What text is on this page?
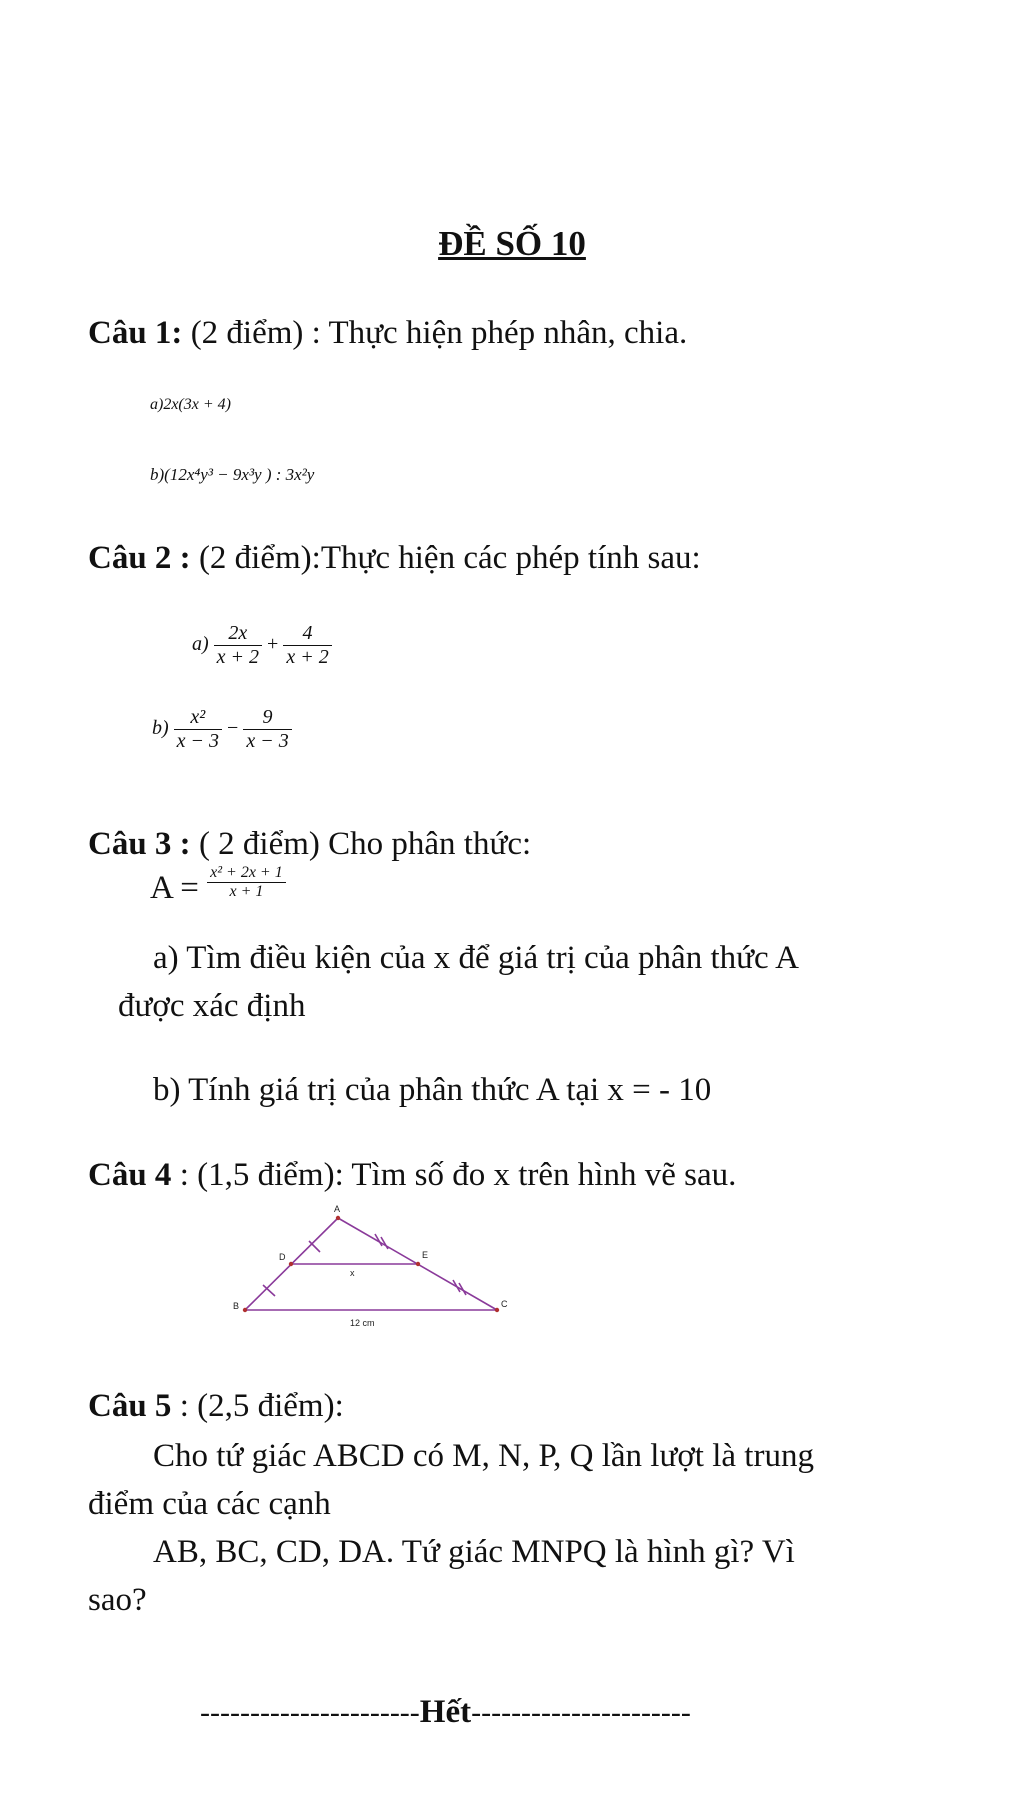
ĐỀ SỐ 10
Câu 1: (2 điểm) : Thực hiện phép nhân, chia.
a)2x(3x + 4)
b)(12x⁴y³ − 9x³y ) : 3x²y
Câu 2 : (2 điểm):Thực hiện các phép tính sau:
$a) \frac{2x}{x + 2} + \frac{4}{x + 2}$
$b) \frac{\text{x²}}{x - 3} - \frac{9}{x - 3}$
Câu 3 : ( 2 điểm) Cho phân thức:
$A = \frac{\text{x² + 2x + 1}}{x + 1}$
a) Tìm điều kiện của x để giá trị của phân thức A
được xác định
b) Tính giá trị của phân thức A tại x = - 10
Câu 4 : (1,5 điểm): Tìm số đo x trên hình vẽ sau.
A
B	C
D	E
x
12 cm
Câu 5 : (2,5 điểm):
Cho tứ giác ABCD có M, N, P, Q lần lượt là trung
điểm của các cạnh
AB, BC, CD, DA. Tứ giác MNPQ là hình gì? Vì
sao?
----------------------Hết----------------------
